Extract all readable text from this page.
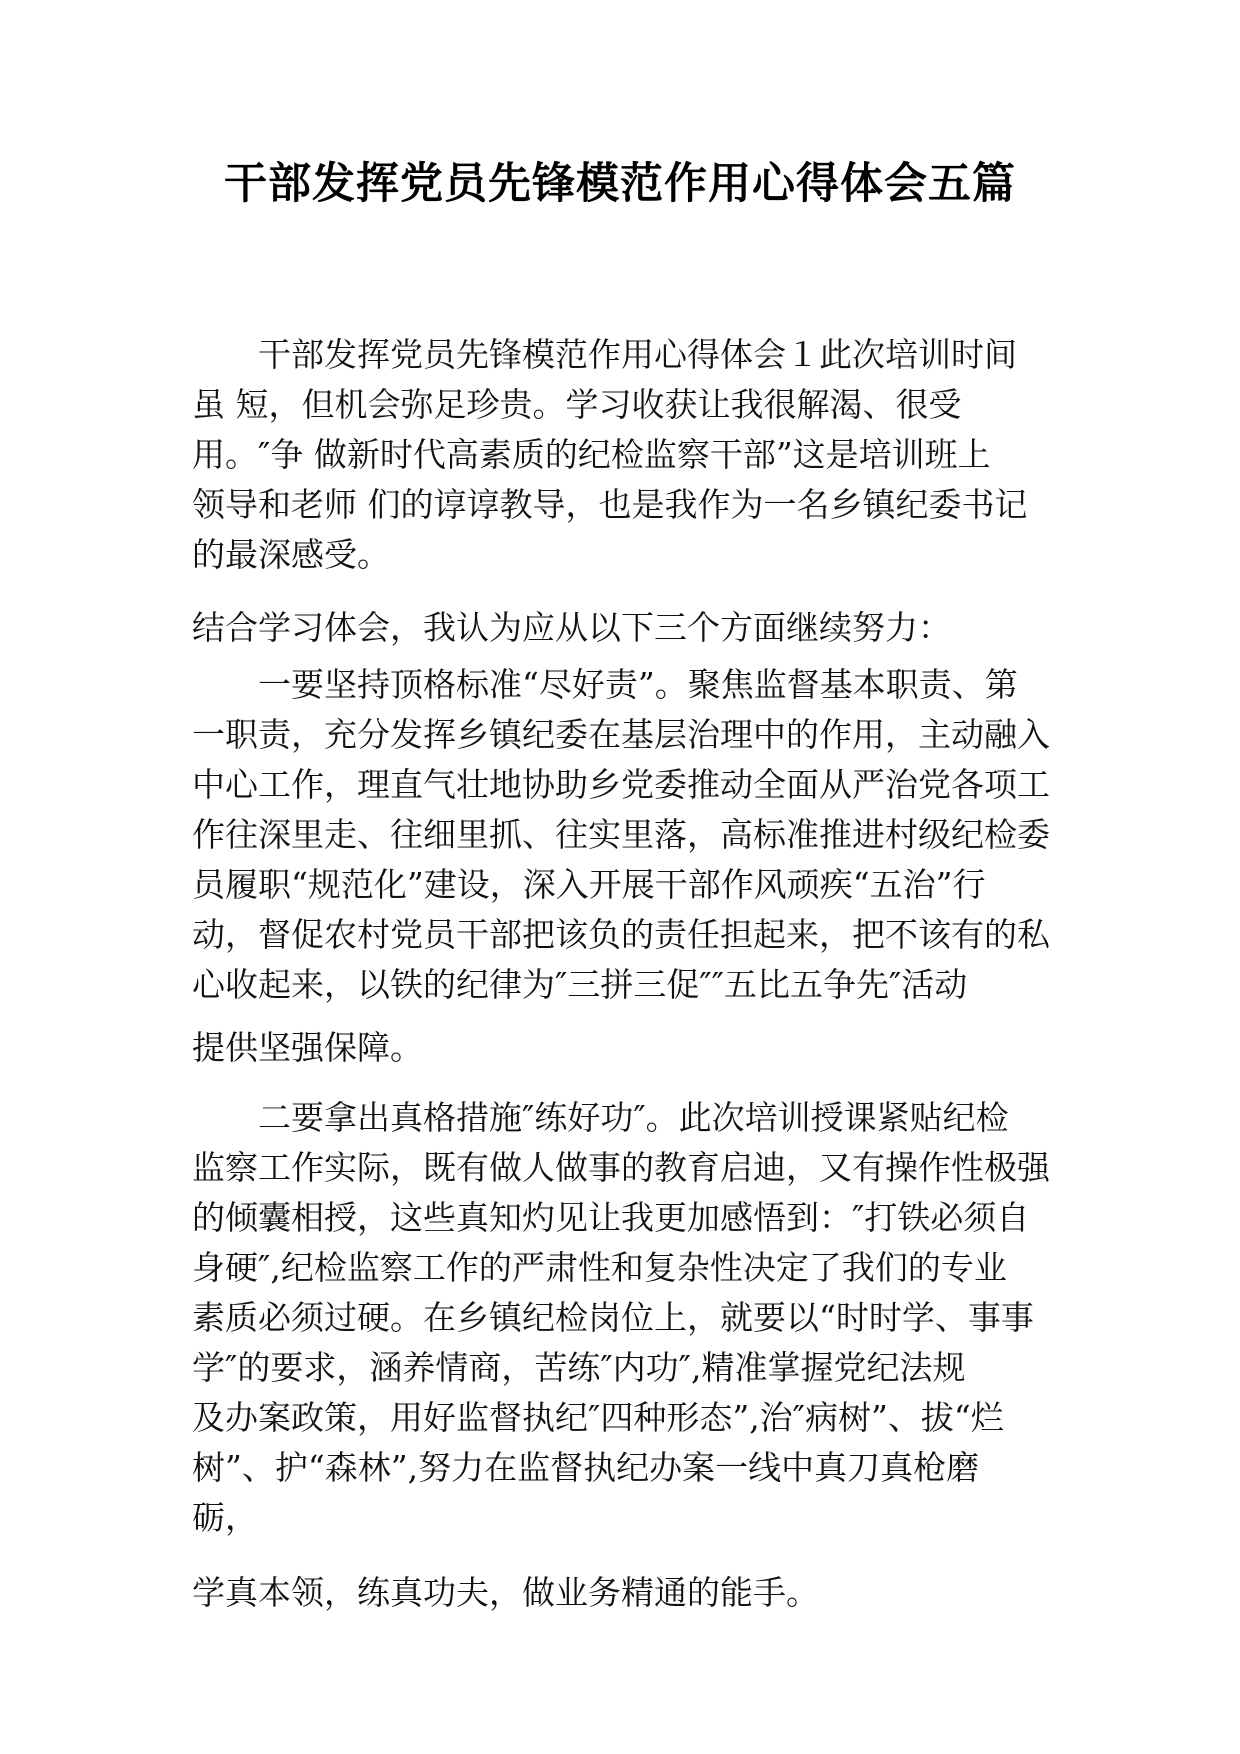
干部发挥党员先锋模范作用心得体会五篇

干部发挥党员先锋模范作用心得体会１此次培训时间

虽 短，但机会弥足珍贵。学习收获让我很解渴、很受

用。″争 做新时代高素质的纪检监察干部”这是培训班上

领导和老师 们的谆谆教导，也是我作为一名乡镇纪委书记

的最深感受。

结合学习体会，我认为应从以下三个方面继续努力：

一要坚持顶格标准“尽好责”。聚焦监督基本职责、第

一职责，充分发挥乡镇纪委在基层治理中的作用，主动融入

中心工作，理直气壮地协助乡党委推动全面从严治党各项工

作往深里走、往细里抓、往实里落，高标准推进村级纪检委

员履职“规范化”建设，深入开展干部作风顽疾“五治”行

动，督促农村党员干部把该负的责任担起来，把不该有的私

心收起来，以铁的纪律为″三拼三促″″五比五争先″活动

提供坚强保障。

二要拿出真格措施″练好功″。此次培训授课紧贴纪检

监察工作实际，既有做人做事的教育启迪，又有操作性极强

的倾囊相授，这些真知灼见让我更加感悟到：″打铁必须自

身硬″,纪检监察工作的严肃性和复杂性决定了我们的专业

素质必须过硬。在乡镇纪检岗位上，就要以“时时学、事事

学″的要求，涵养情商，苦练″内功″,精准掌握党纪法规

及办案政策，用好监督执纪″四种形态”,治″病树”、拔“烂

树”、护“森林”,努力在监督执纪办案一线中真刀真枪磨

砺，

学真本领，练真功夫，做业务精通的能手。
